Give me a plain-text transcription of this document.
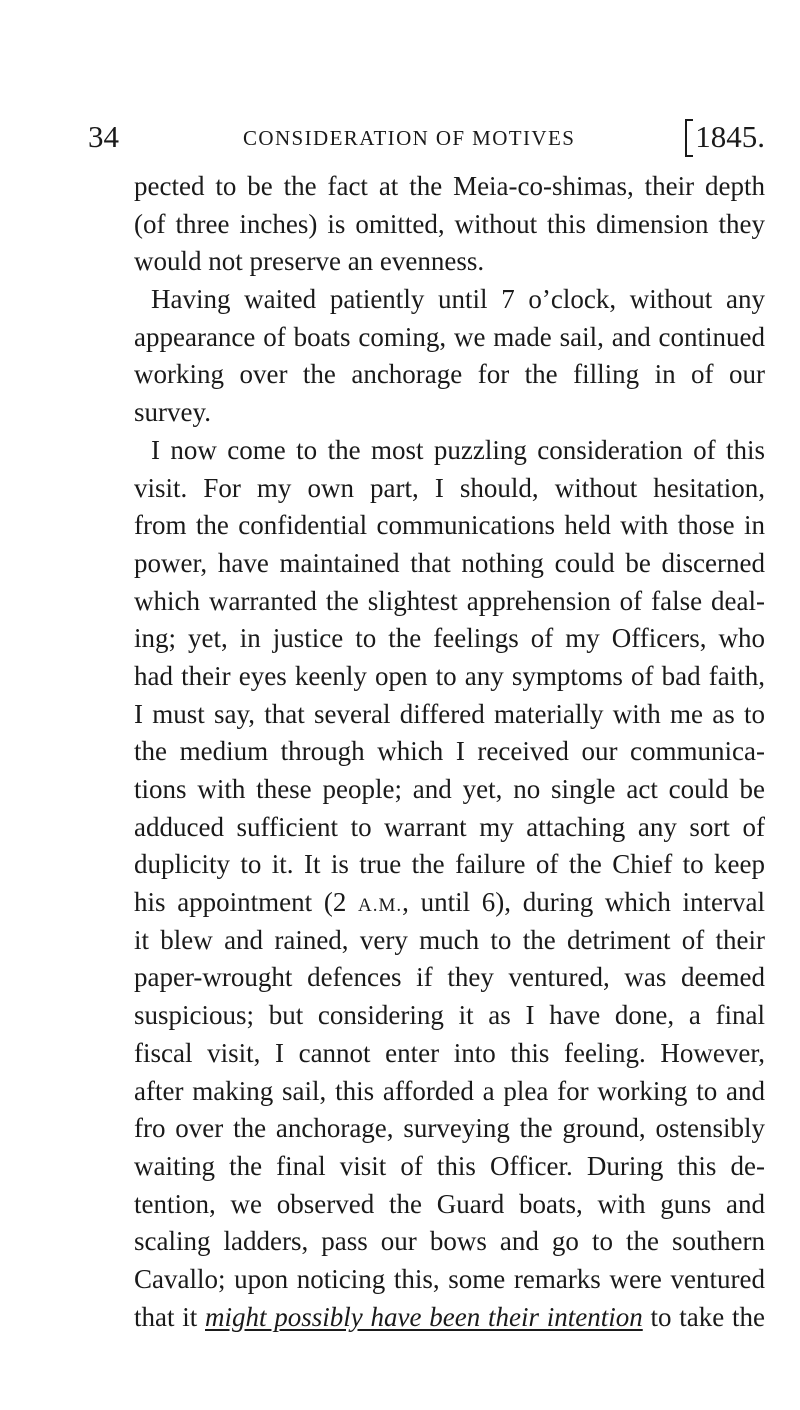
34	CONSIDERATION OF MOTIVES	1845.
pected to be the fact at the Meia-co-shimas, their depth
(of three inches) is omitted, without this dimension they
would not preserve an evenness.
Having waited patiently until 7 o’clock, without any
appearance of boats coming, we made sail, and continued
working over the anchorage for the filling in of our
survey.
I now come to the most puzzling consideration of this
visit. For my own part, I should, without hesitation,
from the confidential communications held with those in
power, have maintained that nothing could be discerned
which warranted the slightest apprehension of false deal-
ing; yet, in justice to the feelings of my Officers, who
had their eyes keenly open to any symptoms of bad faith,
I must say, that several differed materially with me as to
the medium through which I received our communica-
tions with these people; and yet, no single act could be
adduced sufficient to warrant my attaching any sort of
duplicity to it. It is true the failure of the Chief to keep
his appointment (2 A.M., until 6), during which interval
it blew and rained, very much to the detriment of their
paper-wrought defences if they ventured, was deemed
suspicious; but considering it as I have done, a final
fiscal visit, I cannot enter into this feeling. However,
after making sail, this afforded a plea for working to and
fro over the anchorage, surveying the ground, ostensibly
waiting the final visit of this Officer. During this de-
tention, we observed the Guard boats, with guns and
scaling ladders, pass our bows and go to the southern
Cavallo; upon noticing this, some remarks were ventured
that it might possibly have been their intention to take the
